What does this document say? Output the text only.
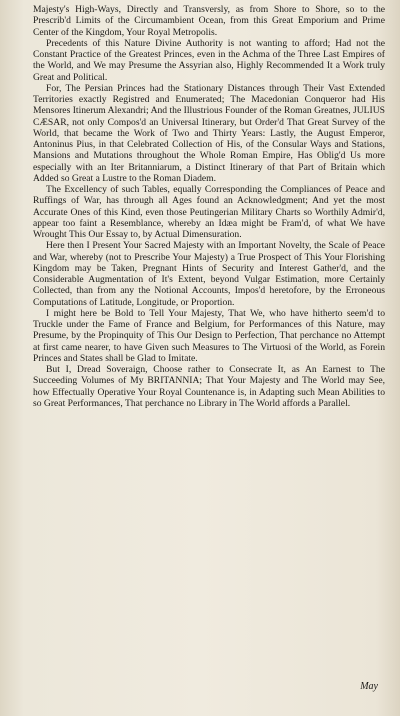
Majesty's High-Ways, Directly and Transversly, as from Shore to Shore, so to the Prescrib'd Limits of the Circumambient Ocean, from this Great Emporium and Prime Center of the Kingdom, Your Royal Metropolis.

Precedents of this Nature Divine Authority is not wanting to afford; Had not the Constant Practice of the Greatest Princes, even in the Achma of the Three Last Empires of the World, and We may Presume the Assyrian also, Highly Recommended It a Work truly Great and Political.

For, The Persian Princes had the Stationary Distances through Their Vast Extended Territories exactly Registred and Enumerated; The Macedonian Conqueror had His Mensores Itinerum Alexandri; And the Illustrious Founder of the Roman Greatnes, JULIUS CÆSAR, not only Compos'd an Universal Itinerary, but Order'd That Great Survey of the World, that became the Work of Two and Thirty Years: Lastly, the August Emperor, Antoninus Pius, in that Celebrated Collection of His, of the Consular Ways and Stations, Mansions and Mutations throughout the Whole Roman Empire, Has Oblig'd Us more especially with an Iter Britanniarum, a Distinct Itinerary of that Part of Britain which Added so Great a Lustre to the Roman Diadem.

The Excellency of such Tables, equally Corresponding the Compliances of Peace and Ruffings of War, has through all Ages found an Acknowledgment; And yet the most Accurate Ones of this Kind, even those Peutingerian Military Charts so Worthily Admir'd, appear too faint a Resemblance, whereby an Idæa might be Fram'd, of what We have Wrought This Our Essay to, by Actual Dimensuration.

Here then I Present Your Sacred Majesty with an Important Novelty, the Scale of Peace and War, whereby (not to Prescribe Your Majesty) a True Prospect of This Your Florishing Kingdom may be Taken, Pregnant Hints of Security and Interest Gather'd, and the Considerable Augmentation of It's Extent, beyond Vulgar Estimation, more Certainly Collected, than from any the Notional Accounts, Impos'd heretofore, by the Erroneous Computations of Latitude, Longitude, or Proportion.

I might here be Bold to Tell Your Majesty, That We, who have hitherto seem'd to Truckle under the Fame of France and Belgium, for Performances of this Nature, may Presume, by the Propinquity of This Our Design to Perfection, That perchance no Attempt at first came nearer, to have Given such Measures to The Virtuosi of the World, as Forein Princes and States shall be Glad to Imitate.

But I, Dread Soveraign, Choose rather to Consecrate It, as An Earnest to The Succeeding Volumes of My BRITANNIA; That Your Majesty and The World may See, how Effectually Operative Your Royal Countenance is, in Adapting such Mean Abilities to so Great Performances, That perchance no Library in The World affords a Parallel.

May
